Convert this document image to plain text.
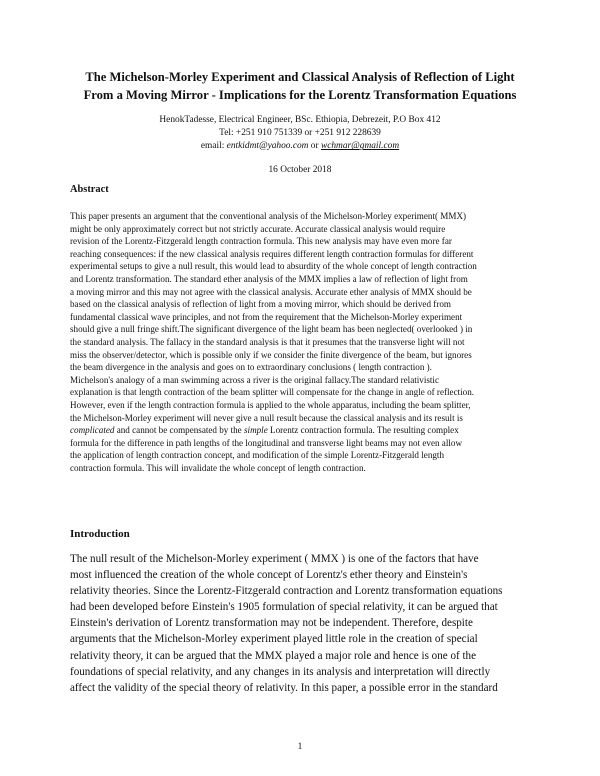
The Michelson-Morley Experiment and Classical Analysis of Reflection of Light
From a Moving Mirror - Implications for the Lorentz Transformation Equations
HenokTadesse, Electrical Engineer, BSc. Ethiopia, Debrezeit, P.O Box 412
Tel: +251 910 751339 or +251 912 228639
email: entkidmt@yahoo.com or wchmar@gmail.com
16 October 2018
Abstract

This paper presents an argument that the conventional analysis of the Michelson-Morley experiment( MMX)
might be only approximately correct but not strictly accurate. Accurate classical analysis would require
revision of the Lorentz-Fitzgerald length contraction formula. This new analysis may have even more far
reaching consequences: if the new classical analysis requires different length contraction formulas for different
experimental setups to give a null result, this would lead to absurdity of the whole concept of length contraction
and Lorentz transformation. The standard ether analysis of the MMX implies a law of reflection of light from
a moving mirror and this may not agree with the classical analysis. Accurate ether analysis of MMX should be
based on the classical analysis of reflection of light from a moving mirror, which should be derived from
fundamental classical wave principles, and not from the requirement that the Michelson-Morley experiment
should give a null fringe shift.The significant divergence of the light beam has been neglected( overlooked ) in
the standard analysis. The fallacy in the standard analysis is that it presumes that the transverse light will not
miss the observer/detector, which is possible only if we consider the finite divergence of the beam, but ignores
the beam divergence in the analysis and goes on to extraordinary conclusions ( length contraction ).
Michelson's analogy of a man swimming across a river is the original fallacy.The standard relativistic
explanation is that length contraction of the beam splitter will compensate for the change in angle of reflection.
However, even if the length contraction formula is applied to the whole apparatus, including the beam splitter,
the Michelson-Morley experiment will never give a null result because the classical analysis and its result is
complicated and cannot be compensated by the simple Lorentz contraction formula. The resulting complex
formula for the difference in path lengths of the longitudinal and transverse light beams may not even allow
the application of length contraction concept, and modification of the simple Lorentz-Fitzgerald length
contraction formula. This will invalidate the whole concept of length contraction.

Introduction

The null result of the Michelson-Morley experiment ( MMX ) is one of the factors that have
most influenced the creation of the whole concept of Lorentz's ether theory and Einstein's
relativity theories. Since the Lorentz-Fitzgerald contraction and Lorentz transformation equations
had been developed before Einstein's 1905 formulation of special relativity, it can be argued that
Einstein's derivation of Lorentz transformation may not be independent. Therefore, despite
arguments that the Michelson-Morley experiment played little role in the creation of special
relativity theory, it can be argued that the MMX played a major role and hence is one of the
foundations of special relativity, and any changes in its analysis and interpretation will directly
affect the validity of the special theory of relativity. In this paper, a possible error in the standard

1
